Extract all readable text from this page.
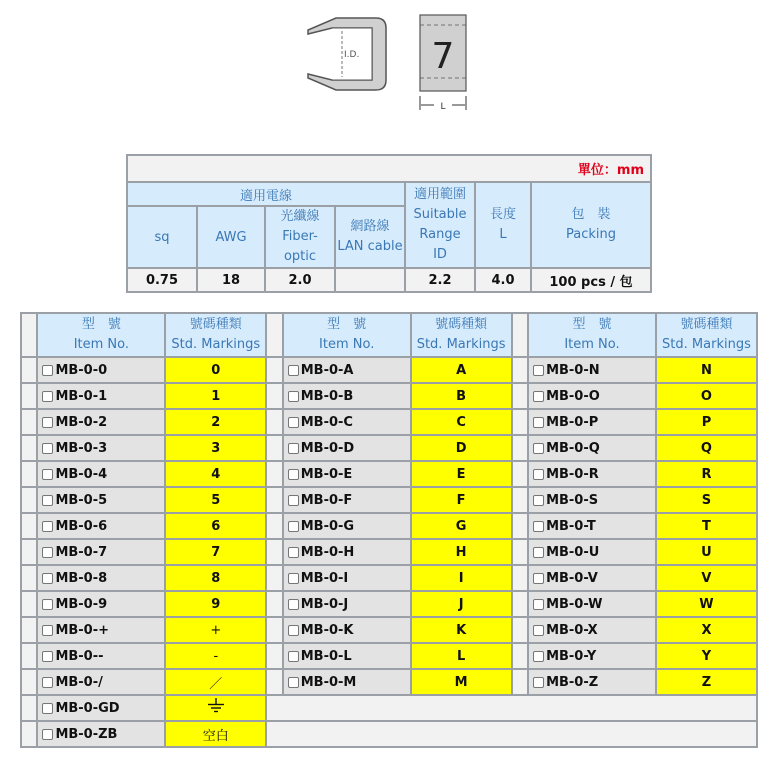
I.D. 7
L
單位：mm						
適用電線				適用範圍
Suitable
Range
ID	長度
L	包　裝
Packing
sq	AWG	光纖線
Fiber-
optic	網路線
LAN cable			
0.75	18	2.0		2.2	4.0	100 pcs / 包
	型　號
Item No.	號碼種類
Std. Markings		型　號
Item No.	號碼種類
Std. Markings		型　號
Item No.	號碼種類
Std. Markings
	MB-0-0	0		MB-0-A	A		MB-0-N	N
	MB-0-1	1		MB-0-B	B		MB-0-O	O
	MB-0-2	2		MB-0-C	C		MB-0-P	P
	MB-0-3	3		MB-0-D	D		MB-0-Q	Q
	MB-0-4	4		MB-0-E	E		MB-0-R	R
	MB-0-5	5		MB-0-F	F		MB-0-S	S
	MB-0-6	6		MB-0-G	G		MB-0-T	T
	MB-0-7	7		MB-0-H	H		MB-0-U	U
	MB-0-8	8		MB-0-I	I		MB-0-V	V
	MB-0-9	9		MB-0-J	J		MB-0-W	W
	MB-0-+	+		MB-0-K	K		MB-0-X	X
	MB-0--	-		MB-0-L	L		MB-0-Y	Y
	MB-0-/	／		MB-0-M	M		MB-0-Z	Z
	MB-0-GD		
	MB-0-ZB	空白						
